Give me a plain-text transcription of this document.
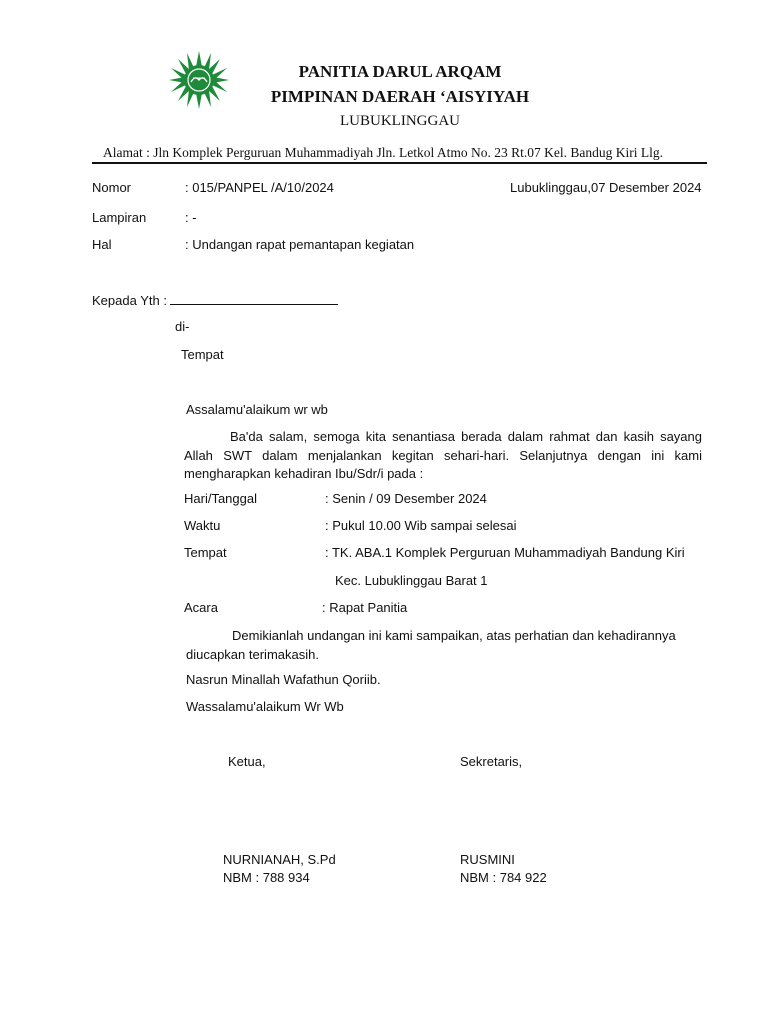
PANITIA DARUL ARQAM
PIMPINAN DAERAH ‘AISYIYAH
LUBUKLINGGAU
Alamat : Jln Komplek Perguruan Muhammadiyah Jln. Letkol Atmo No. 23 Rt.07 Kel. Bandug Kiri Llg.
Nomor	: 015/PANPEL /A/10/2024	Lubuklinggau,07 Desember 2024
Lampiran	: -
Hal	: Undangan rapat pemantapan kegiatan
Kepada Yth :
di-
Tempat
Assalamu'alaikum wr wb
Ba'da salam, semoga kita senantiasa berada dalam rahmat dan kasih sayang Allah SWT dalam menjalankan kegitan sehari-hari. Selanjutnya dengan ini kami mengharapkan kehadiran Ibu/Sdr/i pada :
Hari/Tanggal	: Senin / 09 Desember 2024
Waktu	: Pukul 10.00 Wib sampai selesai
Tempat	: TK. ABA.1 Komplek Perguruan Muhammadiyah Bandung Kiri
Kec. Lubuklinggau Barat 1
Acara	: Rapat Panitia
Demikianlah undangan ini kami sampaikan, atas perhatian dan kehadirannya diucapkan terimakasih.
Nasrun Minallah Wafathun Qoriib.
Wassalamu'alaikum Wr Wb
Ketua,	Sekretaris,
NURNIANAH, S.Pd
NBM : 788 934
RUSMINI
NBM : 784 922
